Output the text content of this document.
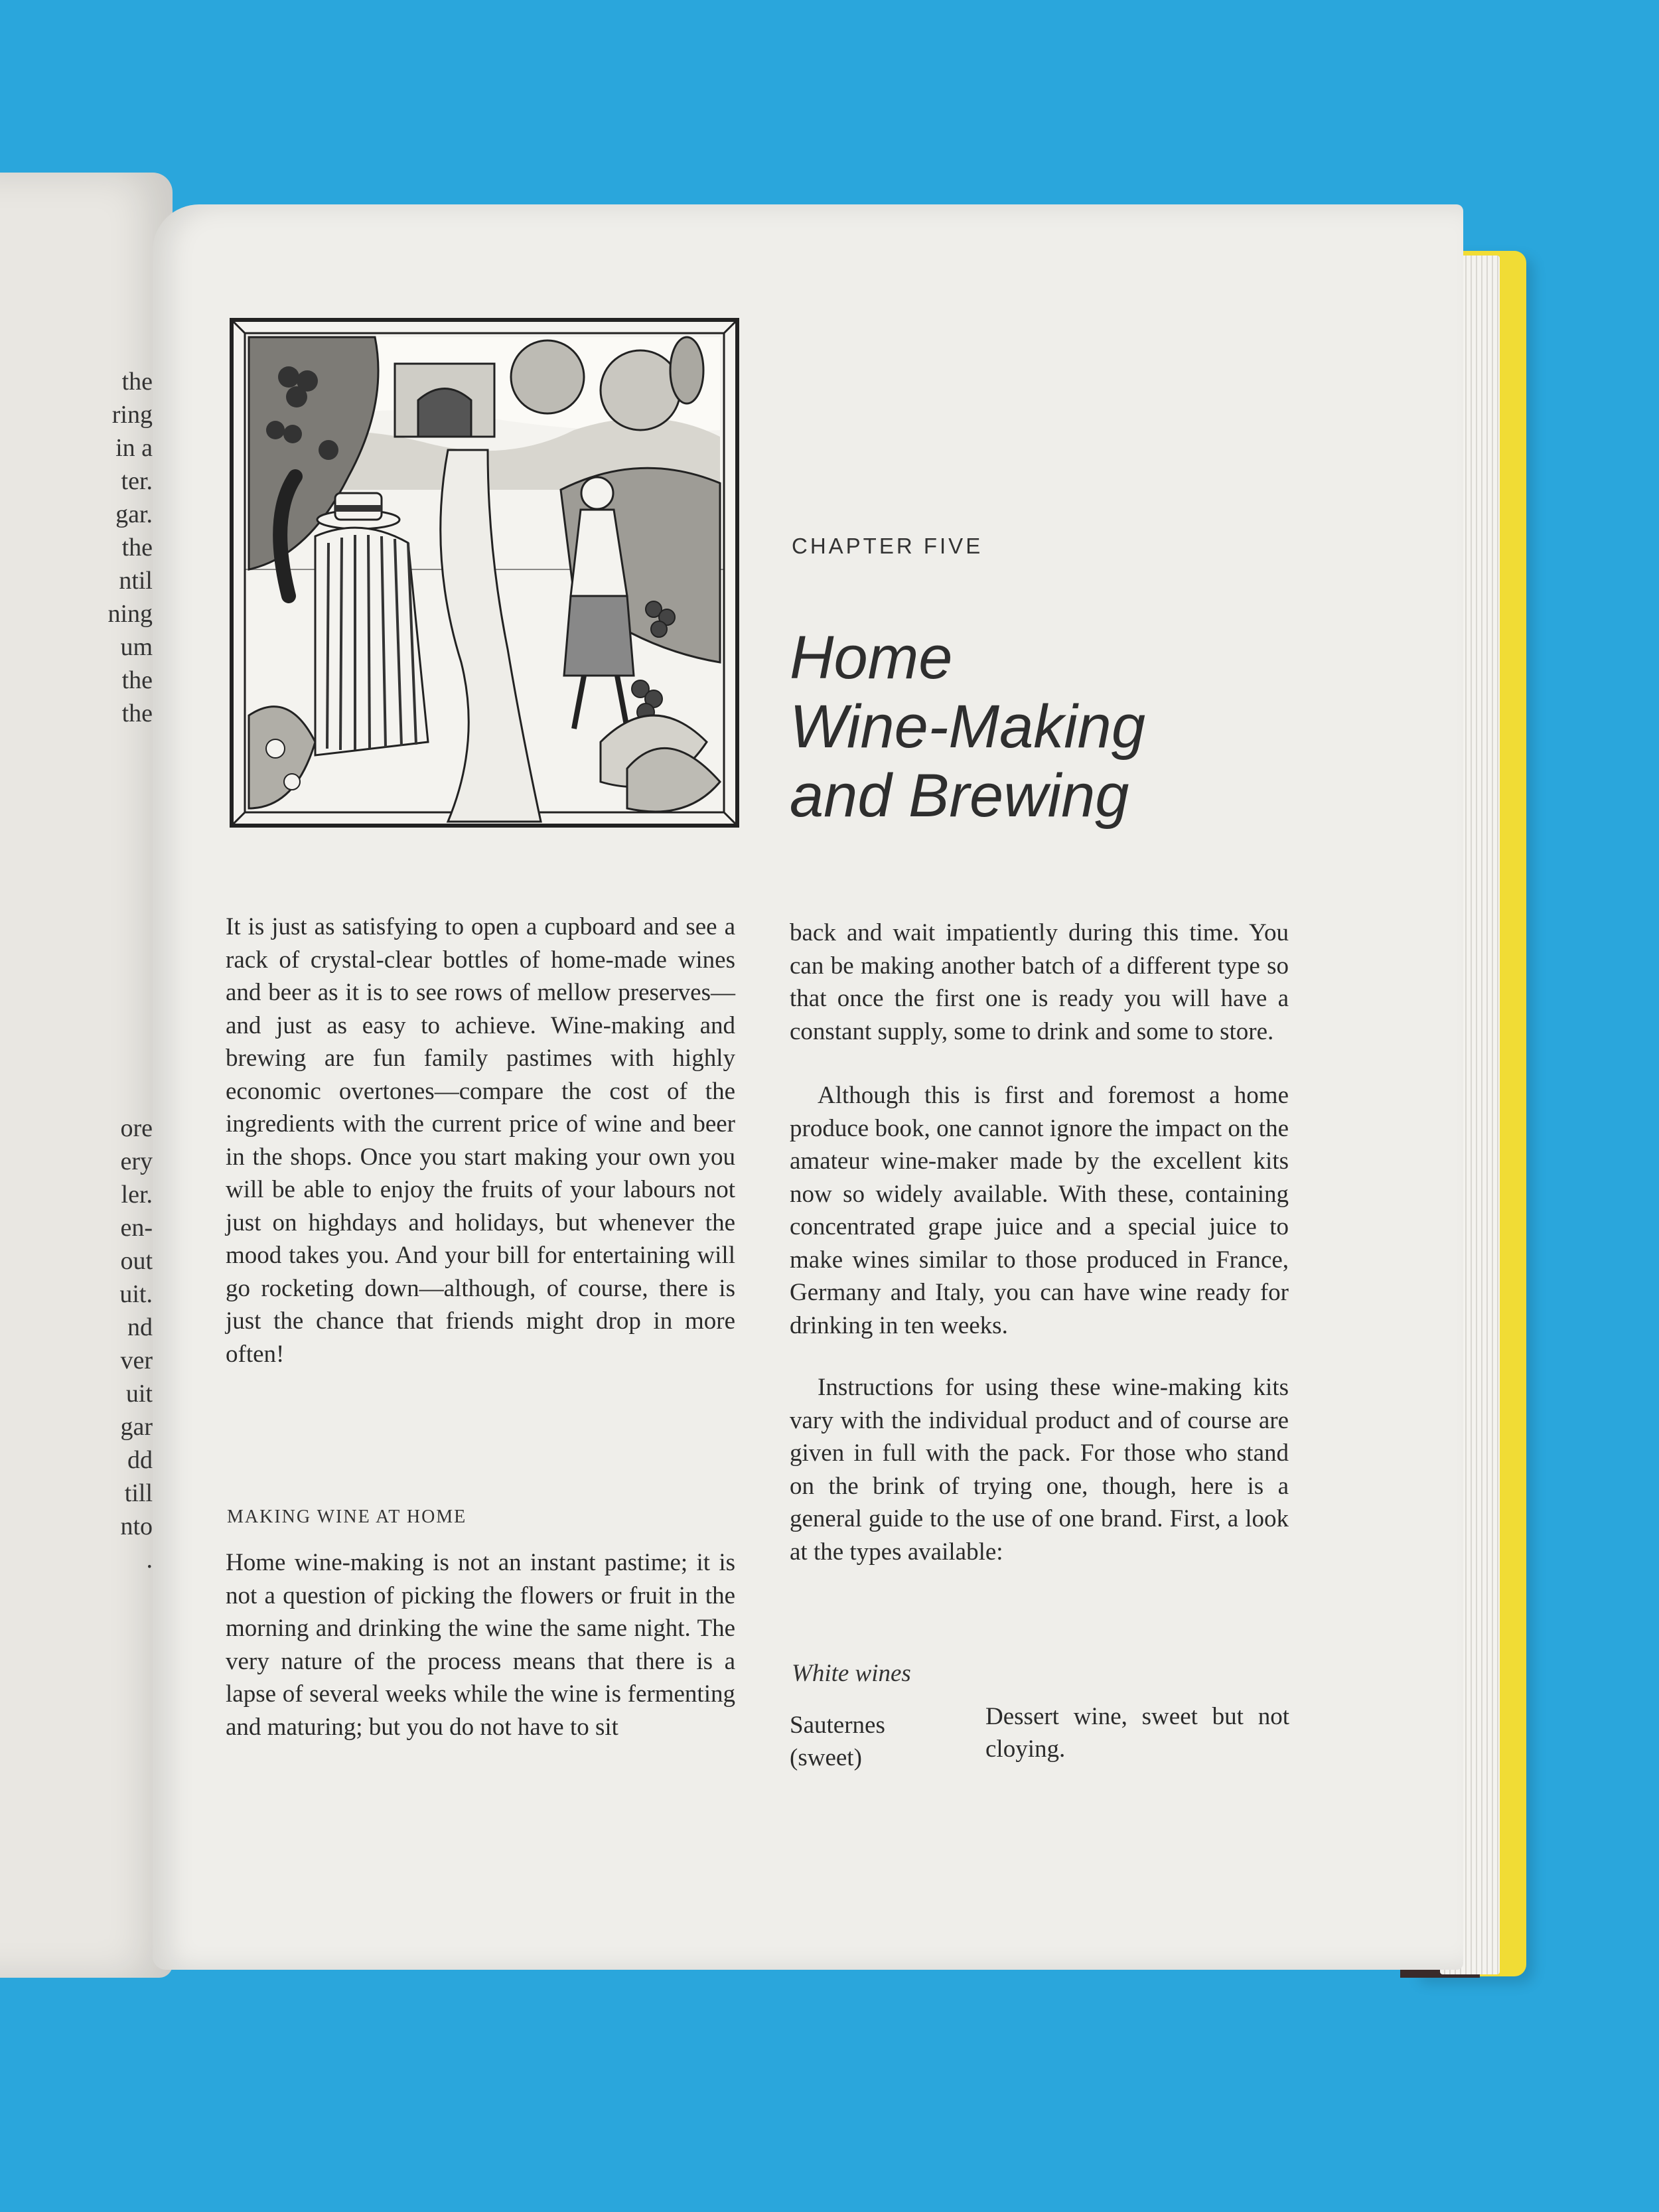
the
ring
in a
ter.
gar.
the
ntil
ning
um
the
the
ore
ery
ler.
en-
out
uit.
nd
ver
uit
gar
dd
till
nto
.
CHAPTER FIVE
Home
Wine-Making
and Brewing
It is just as satisfying to open a cupboard and see a rack of crystal-clear bottles of home-made wines and beer as it is to see rows of mellow preserves—and just as easy to achieve. Wine-making and brewing are fun family pastimes with highly economic overtones—compare the cost of the ingredients with the current price of wine and beer in the shops. Once you start making your own you will be able to enjoy the fruits of your labours not just on highdays and holidays, but whenever the mood takes you. And your bill for entertaining will go rocketing down—although, of course, there is just the chance that friends might drop in more often!
MAKING WINE AT HOME
Home wine-making is not an instant pastime; it is not a question of picking the flowers or fruit in the morning and drinking the wine the same night. The very nature of the process means that there is a lapse of several weeks while the wine is fermenting and maturing; but you do not have to sit
back and wait impatiently during this time. You can be making another batch of a different type so that once the first one is ready you will have a constant supply, some to drink and some to store.
Although this is first and foremost a home produce book, one cannot ignore the impact on the amateur wine-maker made by the excellent kits now so widely available. With these, containing concentrated grape juice and a special juice to make wines similar to those produced in France, Germany and Italy, you can have wine ready for drinking in ten weeks.
Instructions for using these wine-making kits vary with the individual product and of course are given in full with the pack. For those who stand on the brink of trying one, though, here is a general guide to the use of one brand. First, a look at the types available:
White wines
Sauternes (sweet)
Dessert wine, sweet but not cloying.
